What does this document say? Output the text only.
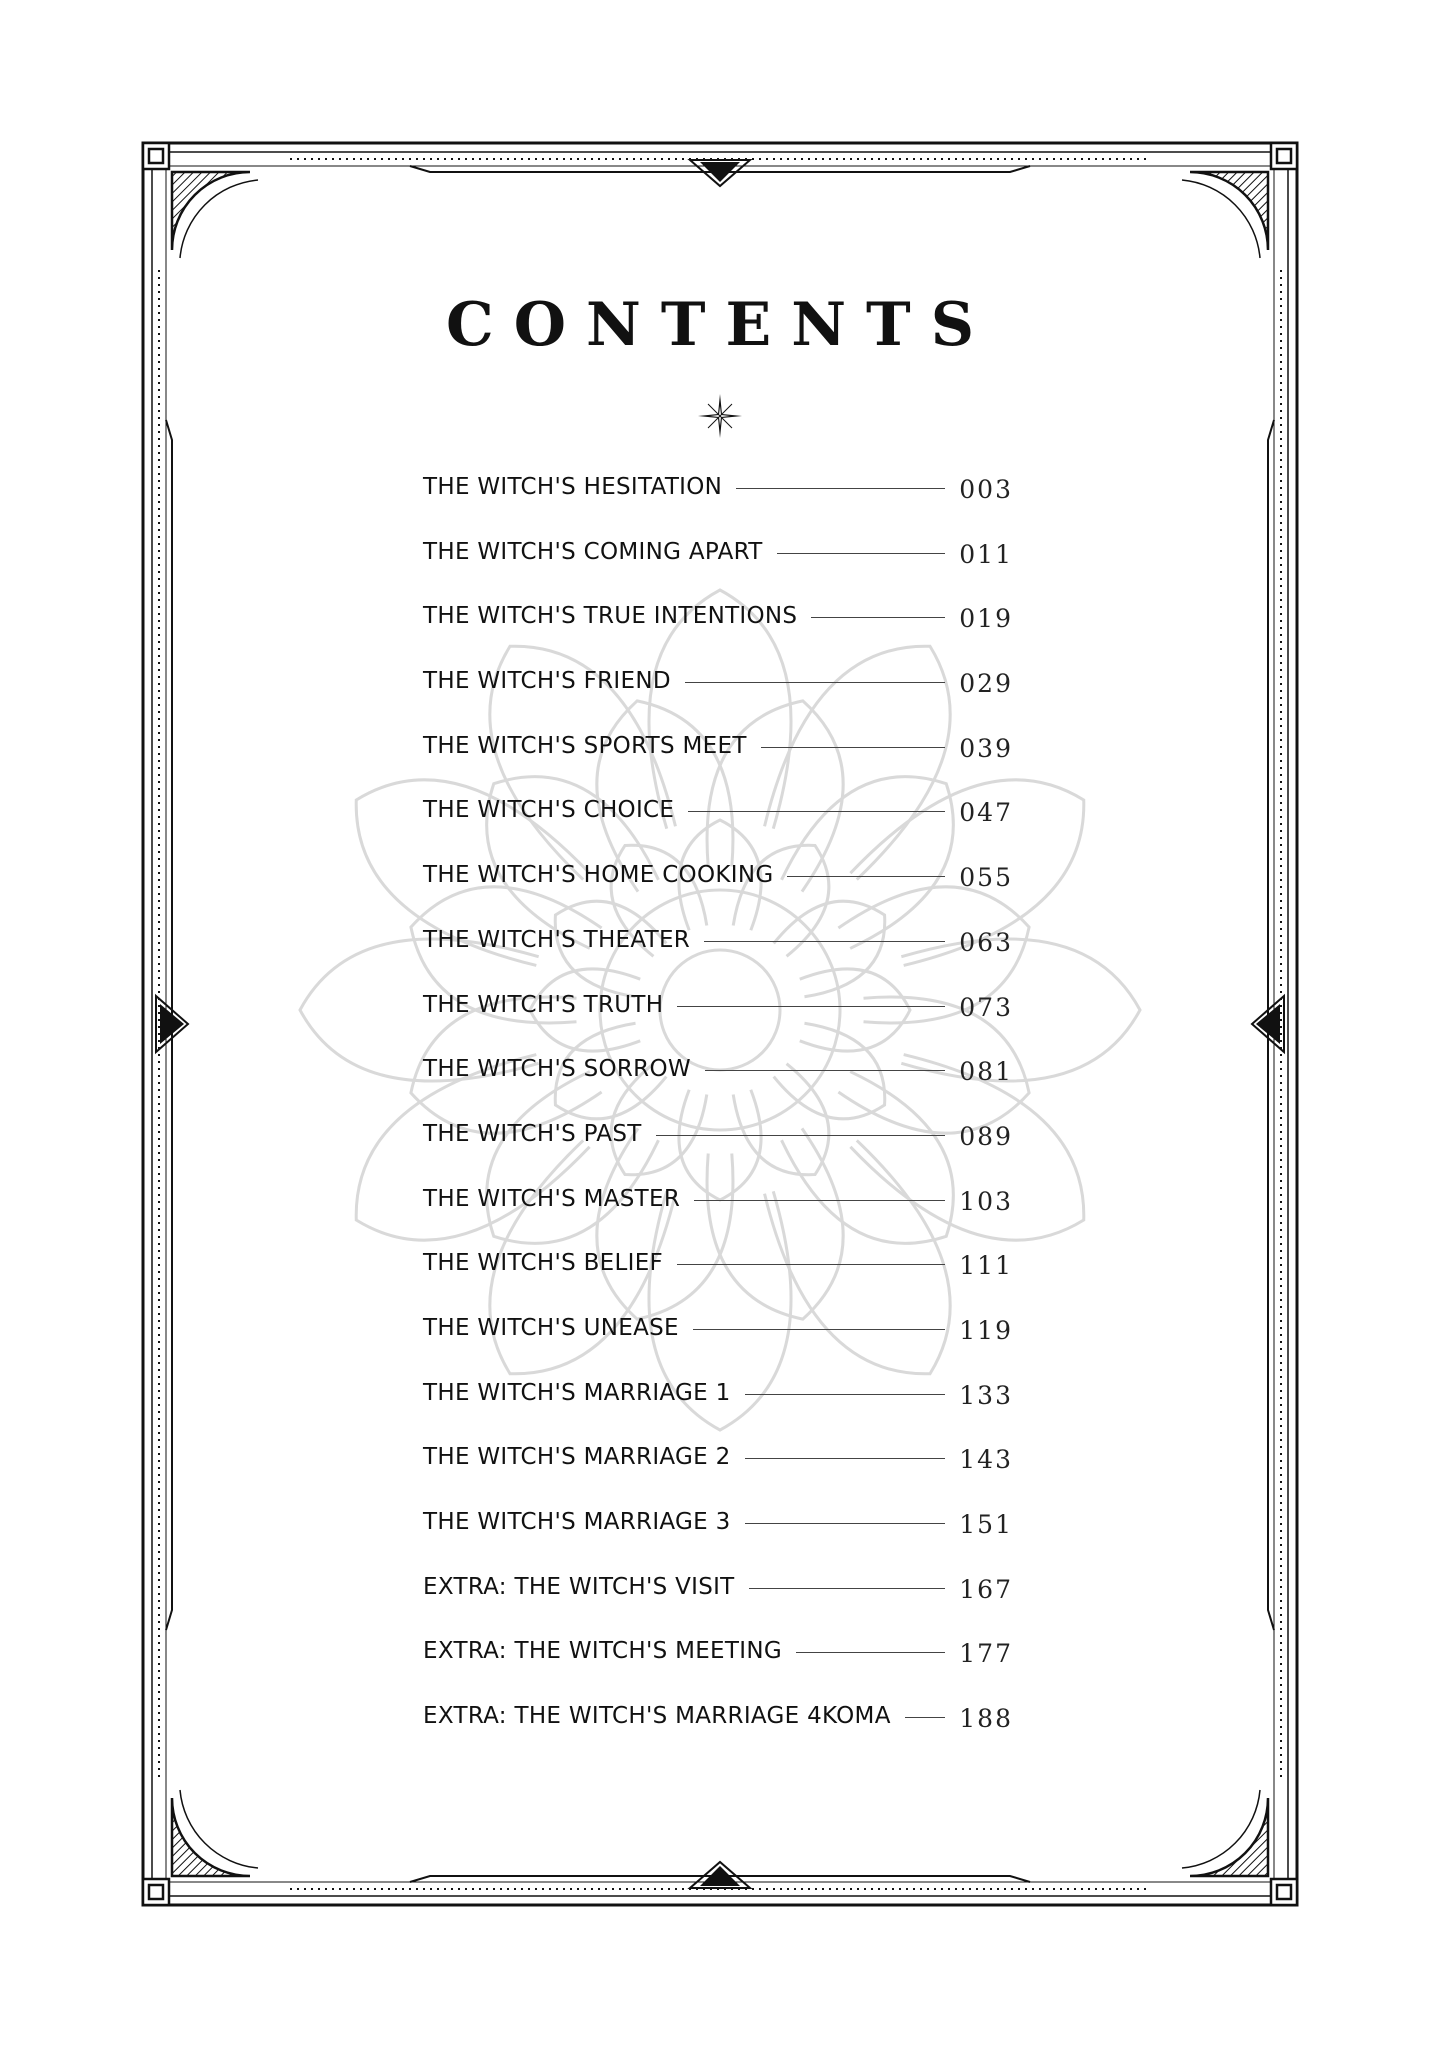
CONTENTS
THE WITCH'S HESITATION	003
THE WITCH'S COMING APART	011
THE WITCH'S TRUE INTENTIONS	019
THE WITCH'S FRIEND	029
THE WITCH'S SPORTS MEET	039
THE WITCH'S CHOICE	047
THE WITCH'S HOME COOKING	055
THE WITCH'S THEATER	063
THE WITCH'S TRUTH	073
THE WITCH'S SORROW	081
THE WITCH'S PAST	089
THE WITCH'S MASTER	103
THE WITCH'S BELIEF	111
THE WITCH'S UNEASE	119
THE WITCH'S MARRIAGE 1	133
THE WITCH'S MARRIAGE 2	143
THE WITCH'S MARRIAGE 3	151
EXTRA: THE WITCH'S VISIT	167
EXTRA: THE WITCH'S MEETING	177
EXTRA: THE WITCH'S MARRIAGE 4KOMA	188
